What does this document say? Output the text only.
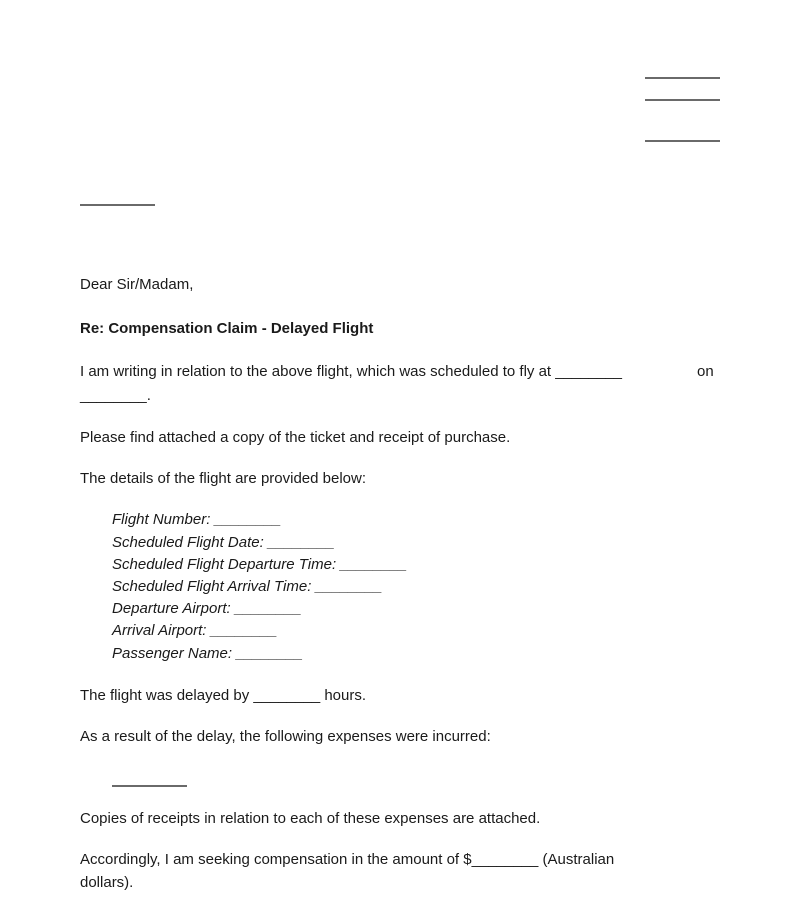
Dear Sir/Madam,
Re: Compensation Claim - Delayed Flight
I am writing in relation to the above flight, which was scheduled to fly at ________	on
________.
Please find attached a copy of the ticket and receipt of purchase.
The details of the flight are provided below:
Flight Number: ________
Scheduled Flight Date: ________
Scheduled Flight Departure Time: ________
Scheduled Flight Arrival Time: ________
Departure Airport: ________
Arrival Airport: ________
Passenger Name: ________
The flight was delayed by ________ hours.
As a result of the delay, the following expenses were incurred:
Copies of receipts in relation to each of these expenses are attached.
Accordingly, I am seeking compensation in the amount of $________ (Australian
dollars).
